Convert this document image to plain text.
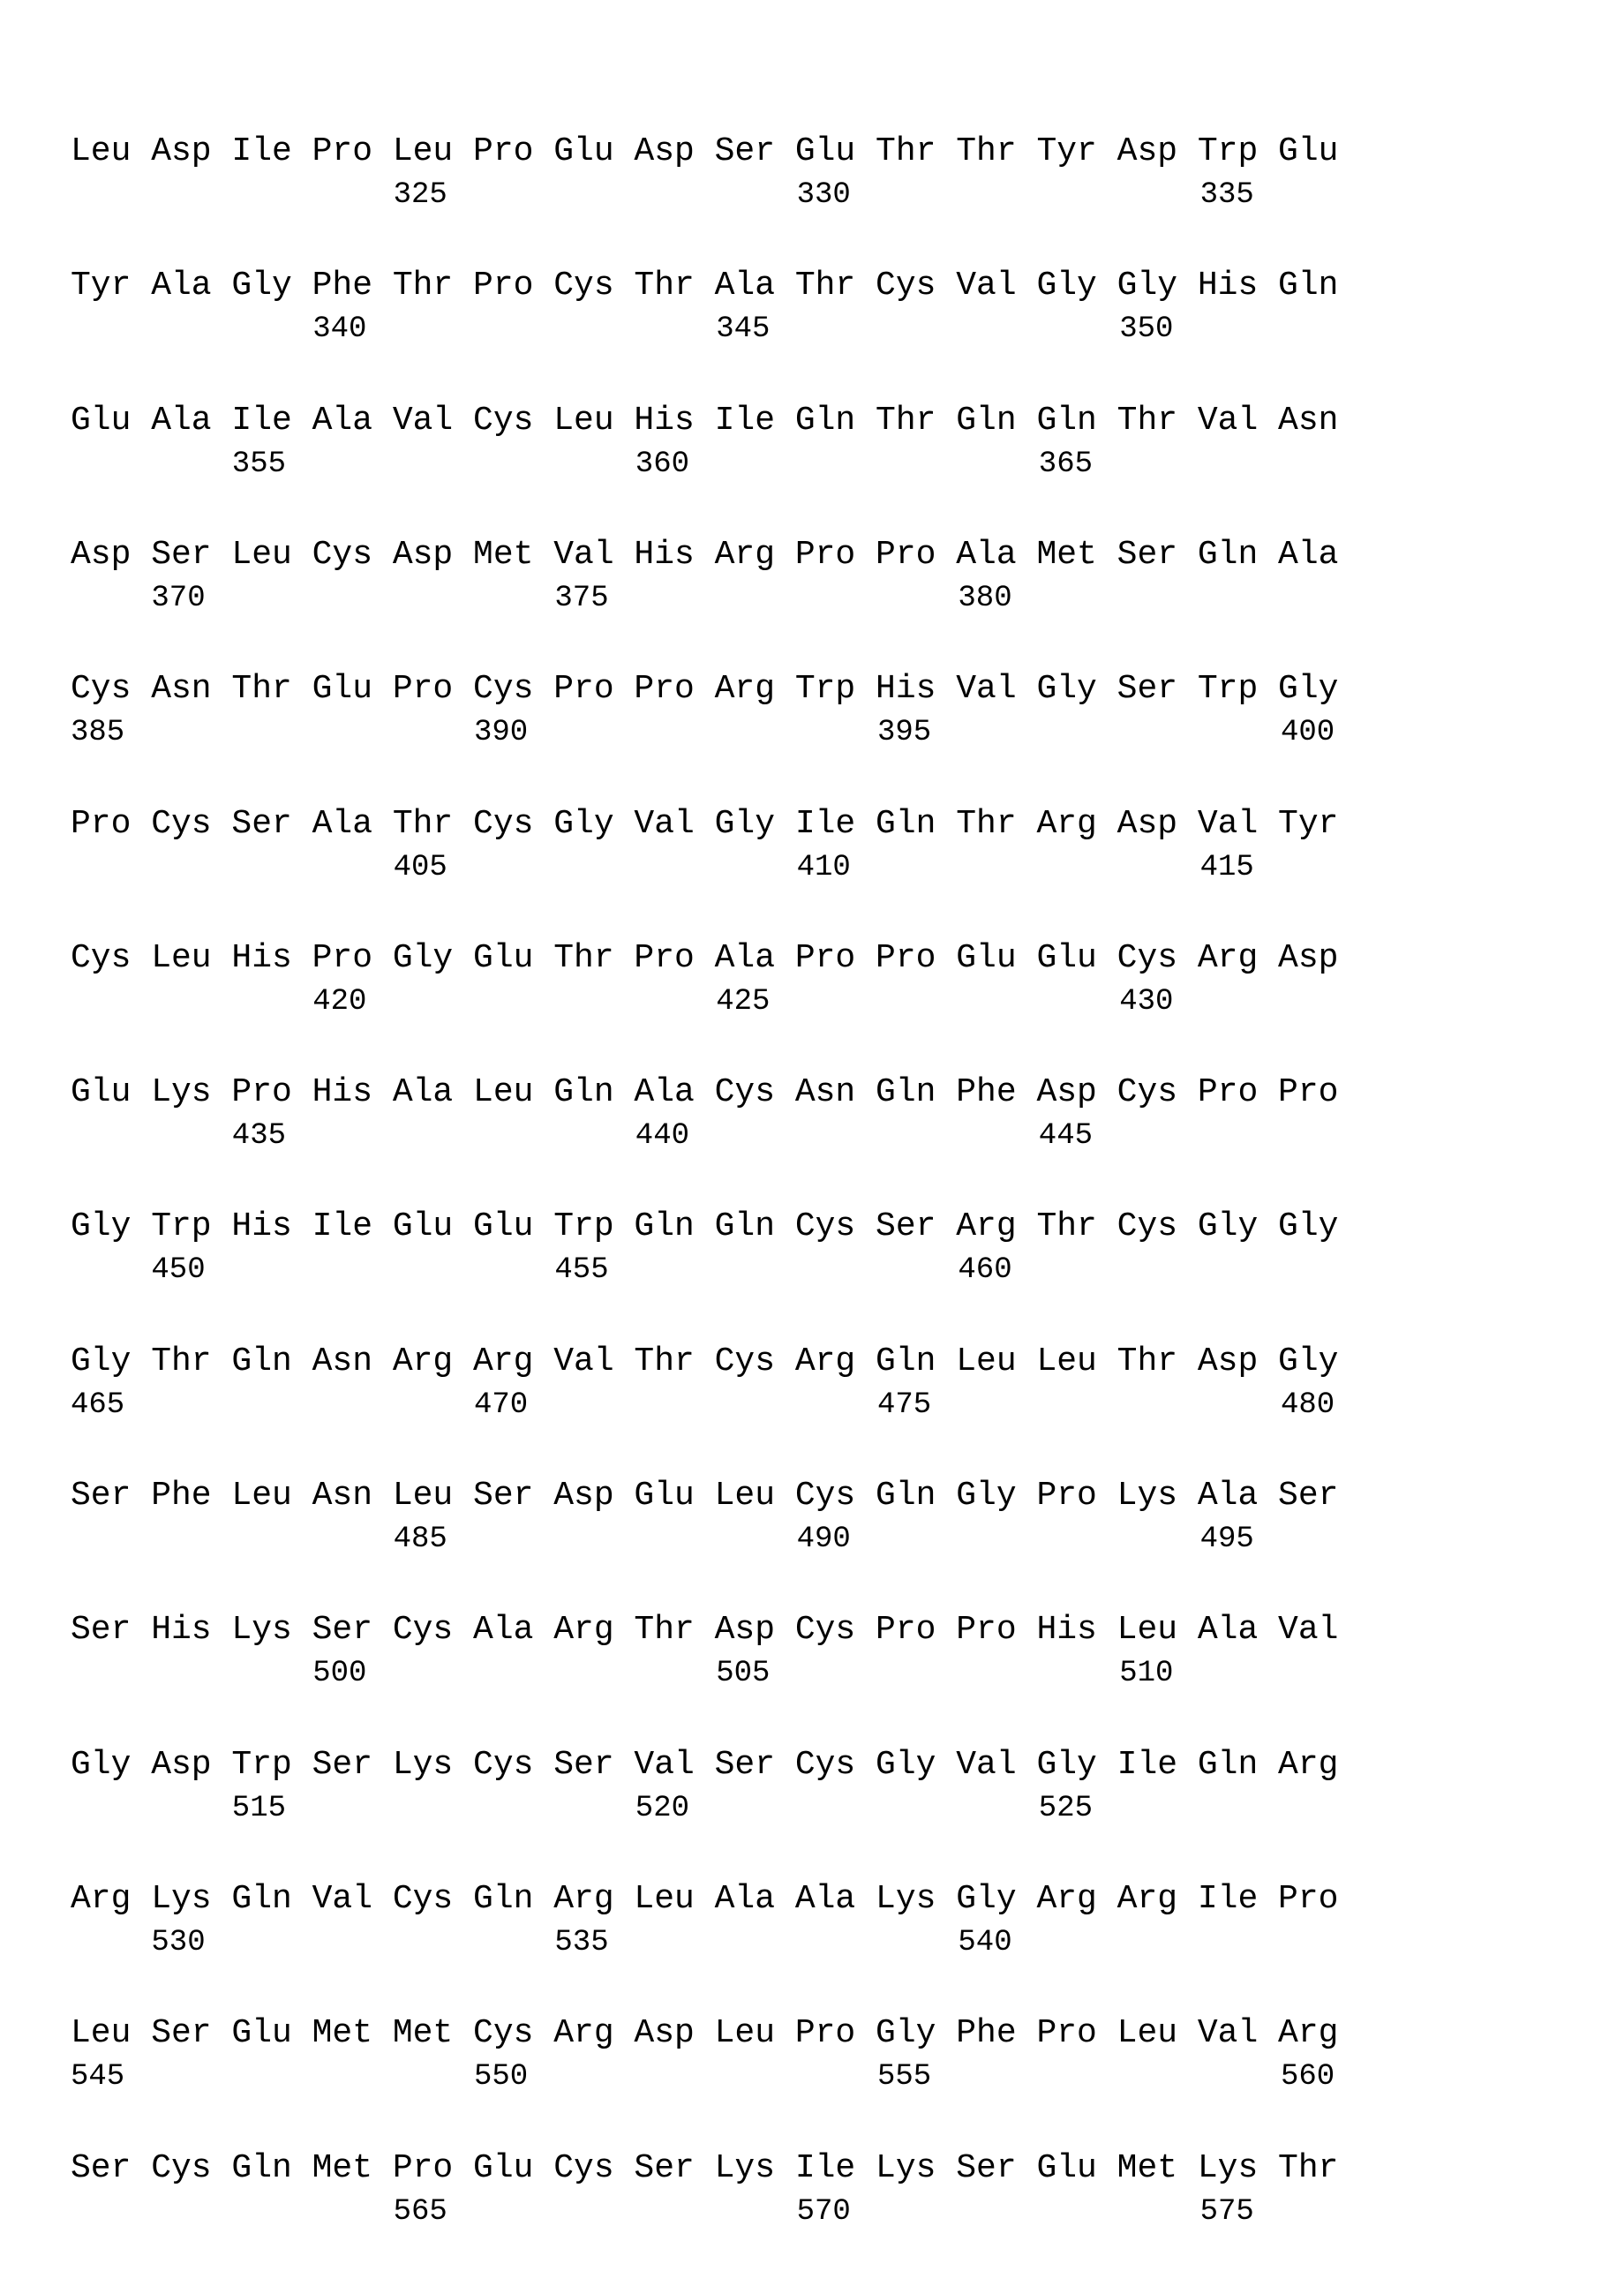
Leu Asp Ile Pro Leu Pro Glu Asp Ser Glu Thr Thr Tyr Asp Trp Glu
325	330	335
Tyr Ala Gly Phe Thr Pro Cys Thr Ala Thr Cys Val Gly Gly His Gln
340	345	350
Glu Ala Ile Ala Val Cys Leu His Ile Gln Thr Gln Gln Thr Val Asn
355	360	365
Asp Ser Leu Cys Asp Met Val His Arg Pro Pro Ala Met Ser Gln Ala
370	375	380
Cys Asn Thr Glu Pro Cys Pro Pro Arg Trp His Val Gly Ser Trp Gly
385	390	395	400
Pro Cys Ser Ala Thr Cys Gly Val Gly Ile Gln Thr Arg Asp Val Tyr
405	410	415
Cys Leu His Pro Gly Glu Thr Pro Ala Pro Pro Glu Glu Cys Arg Asp
420	425	430
Glu Lys Pro His Ala Leu Gln Ala Cys Asn Gln Phe Asp Cys Pro Pro
435	440	445
Gly Trp His Ile Glu Glu Trp Gln Gln Cys Ser Arg Thr Cys Gly Gly
450	455	460
Gly Thr Gln Asn Arg Arg Val Thr Cys Arg Gln Leu Leu Thr Asp Gly
465	470	475	480
Ser Phe Leu Asn Leu Ser Asp Glu Leu Cys Gln Gly Pro Lys Ala Ser
485	490	495
Ser His Lys Ser Cys Ala Arg Thr Asp Cys Pro Pro His Leu Ala Val
500	505	510
Gly Asp Trp Ser Lys Cys Ser Val Ser Cys Gly Val Gly Ile Gln Arg
515	520	525
Arg Lys Gln Val Cys Gln Arg Leu Ala Ala Lys Gly Arg Arg Ile Pro
530	535	540
Leu Ser Glu Met Met Cys Arg Asp Leu Pro Gly Phe Pro Leu Val Arg
545	550	555	560
Ser Cys Gln Met Pro Glu Cys Ser Lys Ile Lys Ser Glu Met Lys Thr
565	570	575
